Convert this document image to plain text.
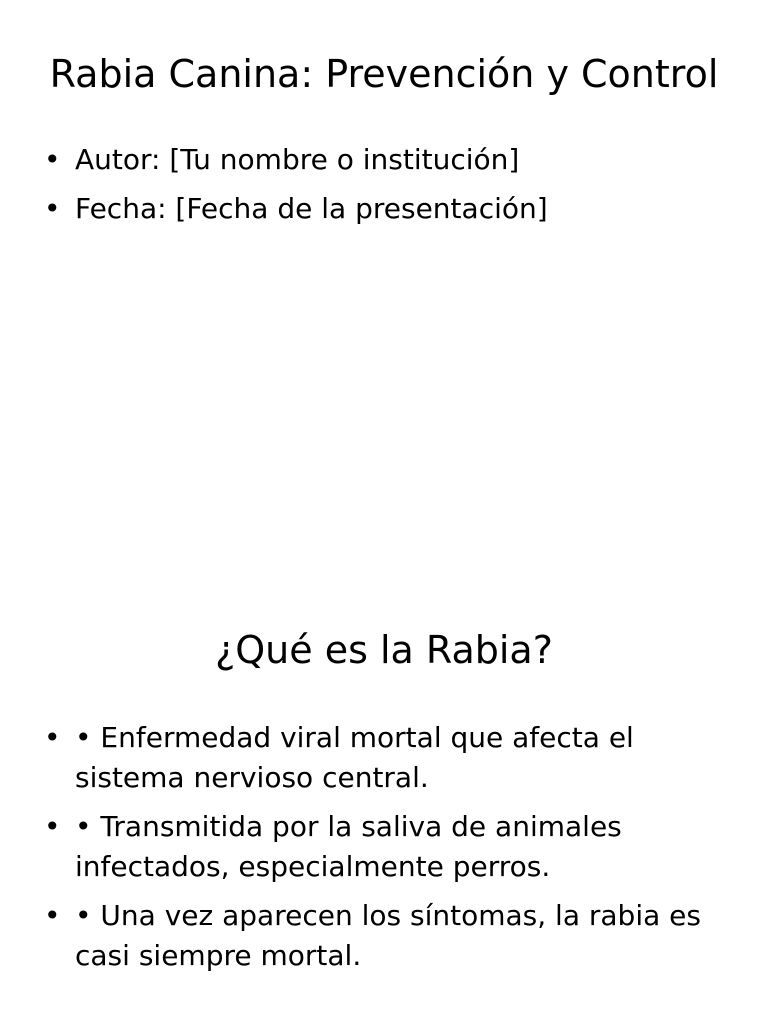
Rabia Canina: Prevención y Control
• Autor: [Tu nombre o institución]
• Fecha: [Fecha de la presentación]
¿Qué es la Rabia?
• • Enfermedad viral mortal que afecta el sistema nervioso central.
• • Transmitida por la saliva de animales infectados, especialmente perros.
• • Una vez aparecen los síntomas, la rabia es casi siempre mortal.
